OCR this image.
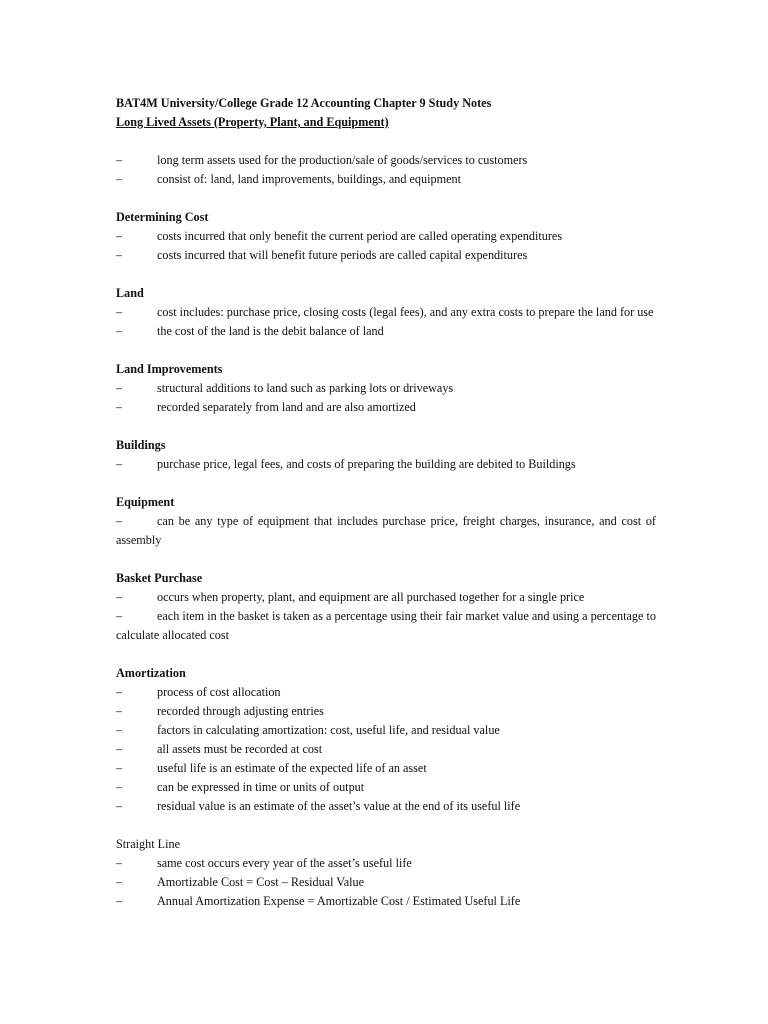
BAT4M University/College Grade 12 Accounting Chapter 9 Study Notes

Long Lived Assets (Property, Plant, and Equipment)

–	long term assets used for the production/sale of goods/services to customers
–	consist of: land, land improvements, buildings, and equipment

Determining Cost

–	costs incurred that only benefit the current period are called operating expenditures
–	costs incurred that will benefit future periods are called capital expenditures

Land

–	cost includes: purchase price, closing costs (legal fees), and any extra costs to prepare the land for use
–	the cost of the land is the debit balance of land

Land Improvements

–	structural additions to land such as parking lots or driveways
–	recorded separately from land and are also amortized

Buildings

–	purchase price, legal fees, and costs of preparing the building are debited to Buildings

Equipment

–	can be any type of equipment that includes purchase price, freight charges, insurance, and cost of assembly

Basket Purchase

–	occurs when property, plant, and equipment are all purchased together for a single price
–	each item in the basket is taken as a percentage using their fair market value and using a percentage to calculate allocated cost

Amortization

–	process of cost allocation
–	recorded through adjusting entries
–	factors in calculating amortization: cost, useful life, and residual value
–	all assets must be recorded at cost
–	useful life is an estimate of the expected life of an asset
–	can be expressed in time or units of output
–	residual value is an estimate of the asset’s value at the end of its useful life

Straight Line

–	same cost occurs every year of the asset’s useful life
–	Amortizable Cost = Cost – Residual Value
–	Annual Amortization Expense = Amortizable Cost / Estimated Useful Life
